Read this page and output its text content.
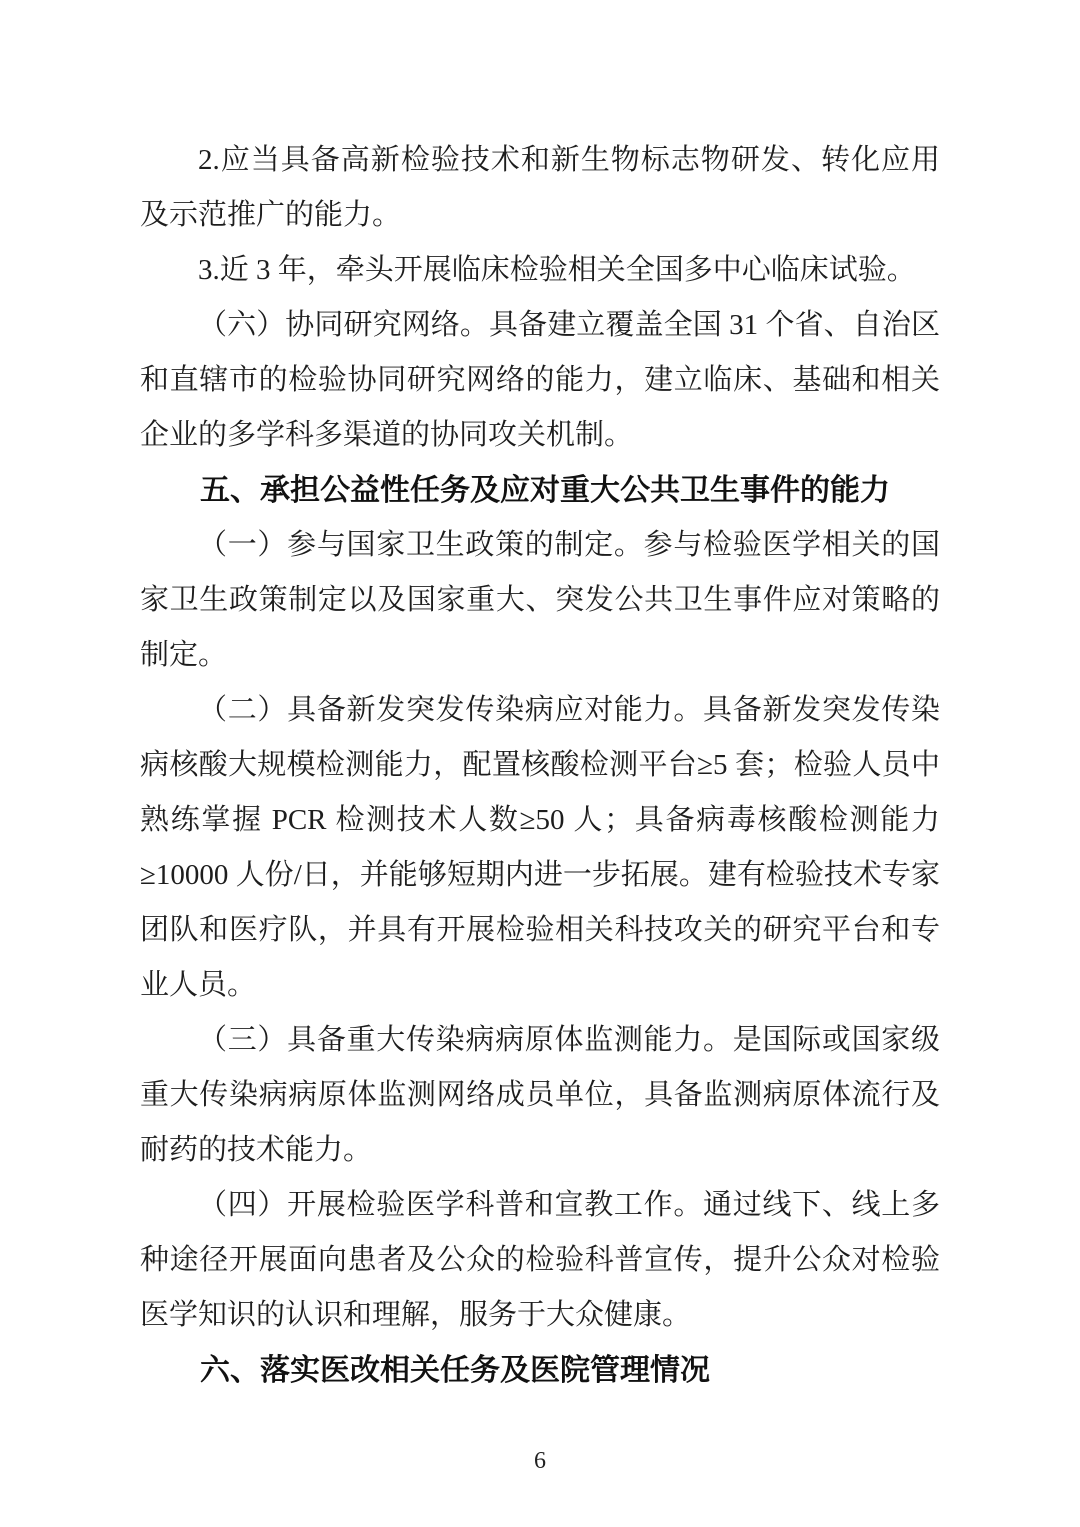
2.应当具备高新检验技术和新生物标志物研发、转化应用及示范推广的能力。

3.近 3 年，牵头开展临床检验相关全国多中心临床试验。

（六）协同研究网络。具备建立覆盖全国 31 个省、自治区和直辖市的检验协同研究网络的能力，建立临床、基础和相关企业的多学科多渠道的协同攻关机制。

五、承担公益性任务及应对重大公共卫生事件的能力

（一）参与国家卫生政策的制定。参与检验医学相关的国家卫生政策制定以及国家重大、突发公共卫生事件应对策略的制定。

（二）具备新发突发传染病应对能力。具备新发突发传染病核酸大规模检测能力，配置核酸检测平台≥5 套；检验人员中熟练掌握 PCR 检测技术人数≥50 人；具备病毒核酸检测能力≥10000 人份/日，并能够短期内进一步拓展。建有检验技术专家团队和医疗队，并具有开展检验相关科技攻关的研究平台和专业人员。

（三）具备重大传染病病原体监测能力。是国际或国家级重大传染病病原体监测网络成员单位，具备监测病原体流行及耐药的技术能力。

（四）开展检验医学科普和宣教工作。通过线下、线上多种途径开展面向患者及公众的检验科普宣传，提升公众对检验医学知识的认识和理解，服务于大众健康。

六、落实医改相关任务及医院管理情况

6
